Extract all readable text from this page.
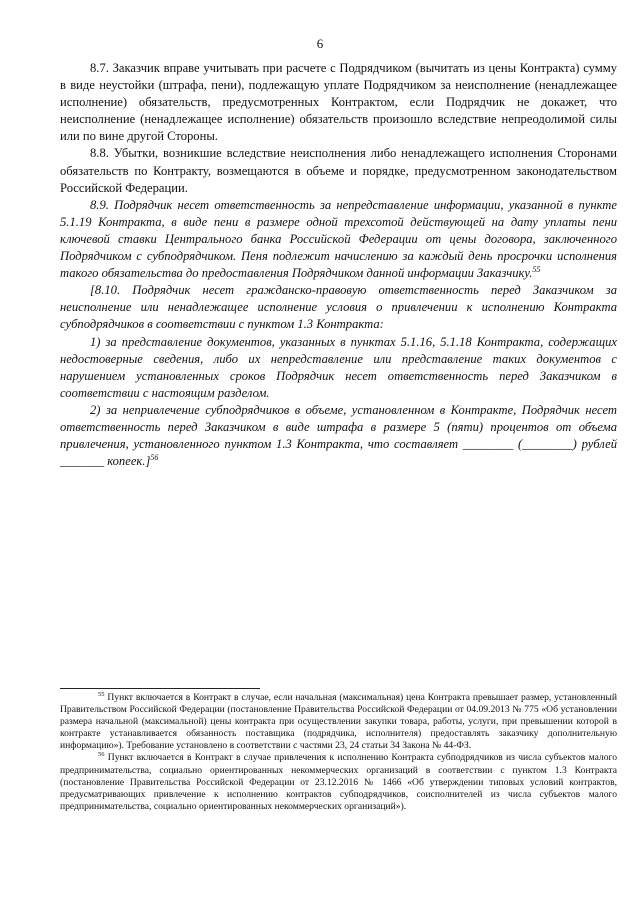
6

8.7. Заказчик вправе учитывать при расчете с Подрядчиком (вычитать из цены Контракта) сумму в виде неустойки (штрафа, пени), подлежащую уплате Подрядчиком за неисполнение (ненадлежащее исполнение) обязательств, предусмотренных Контрактом, если Подрядчик не докажет, что неисполнение (ненадлежащее исполнение) обязательств произошло вследствие непреодолимой силы или по вине другой Стороны.

8.8. Убытки, возникшие вследствие неисполнения либо ненадлежащего исполнения Сторонами обязательств по Контракту, возмещаются в объеме и порядке, предусмотренном законодательством Российской Федерации.

8.9. Подрядчик несет ответственность за непредставление информации, указанной в пункте 5.1.19 Контракта, в виде пени в размере одной трехсотой действующей на дату уплаты пени ключевой ставки Центрального банка Российской Федерации от цены договора, заключенного Подрядчиком с субподрядчиком. Пеня подлежит начислению за каждый день просрочки исполнения такого обязательства до предоставления Подрядчиком данной информации Заказчику.$^{55}$

[8.10. Подрядчик несет гражданско-правовую ответственность перед Заказчиком за неисполнение или ненадлежащее исполнение условия о привлечении к исполнению Контракта субподрядчиков в соответствии с пунктом 1.3 Контракта:

1) за представление документов, указанных в пунктах 5.1.16, 5.1.18 Контракта, содержащих недостоверные сведения, либо их непредставление или представление таких документов с нарушением установленных сроков Подрядчик несет ответственность перед Заказчиком в соответствии с настоящим разделом.

2) за непривлечение субподрядчиков в объеме, установленном в Контракте, Подрядчик несет ответственность перед Заказчиком в виде штрафа в размере 5 (пяти) процентов от объема привлечения, установленного пунктом 1.3 Контракта, что составляет ________ (________) рублей _______ копеек.]$^{56}$

$^{55}$ Пункт включается в Контракт в случае, если начальная (максимальная) цена Контракта превышает размер, установленный Правительством Российской Федерации (постановление Правительства Российской Федерации от 04.09.2013 № 775 «Об установлении размера начальной (максимальной) цены контракта при осуществлении закупки товара, работы, услуги, при превышении которой в контракте устанавливается обязанность поставщика (подрядчика, исполнителя) предоставлять заказчику дополнительную информацию»). Требование установлено в соответствии с частями 23, 24 статьи 34 Закона № 44-ФЗ.

$^{56}$ Пункт включается в Контракт в случае привлечения к исполнению Контракта субподрядчиков из числа субъектов малого предпринимательства, социально ориентированных некоммерческих организаций в соответствии с пунктом 1.3 Контракта (постановление Правительства Российской Федерации от 23.12.2016 № 1466 «Об утверждении типовых условий контрактов, предусматривающих привлечение к исполнению контрактов субподрядчиков, соисполнителей из числа субъектов малого предпринимательства, социально ориентированных некоммерческих организаций»).
